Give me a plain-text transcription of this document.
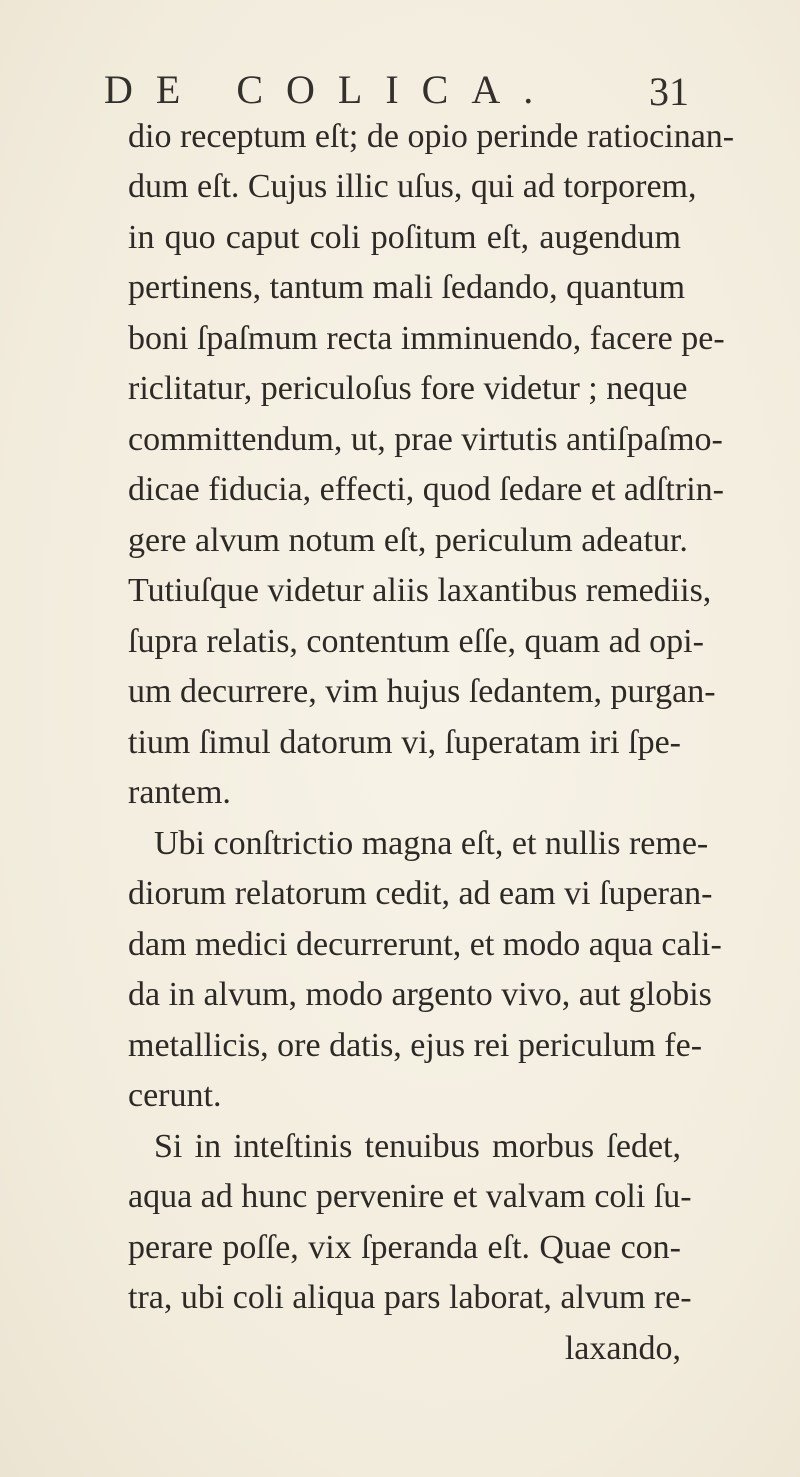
DE COLICA. 31
dio receptum eſt; de opio perinde ratiocinan-
dum eſt. Cujus illic uſus, qui ad torporem,
in quo caput coli poſitum eſt, augendum
pertinens, tantum mali ſedando, quantum
boni ſpaſmum recta imminuendo, facere pe-
riclitatur, periculoſus fore videtur ; neque
committendum, ut, prae virtutis antiſpaſmo-
dicae fiducia, effecti, quod ſedare et adſtrin-
gere alvum notum eſt, periculum adeatur.
Tutiuſque videtur aliis laxantibus remediis,
ſupra relatis, contentum eſſe, quam ad opi-
um decurrere, vim hujus ſedantem, purgan-
tium ſimul datorum vi, ſuperatam iri ſpe-
rantem.
Ubi conſtrictio magna eſt, et nullis reme-
diorum relatorum cedit, ad eam vi ſuperan-
dam medici decurrerunt, et modo aqua cali-
da in alvum, modo argento vivo, aut globis
metallicis, ore datis, ejus rei periculum fe-
cerunt.
Si in inteſtinis tenuibus morbus ſedet,
aqua ad hunc pervenire et valvam coli ſu-
perare poſſe, vix ſperanda eſt. Quae con-
tra, ubi coli aliqua pars laborat, alvum re-
laxando,
